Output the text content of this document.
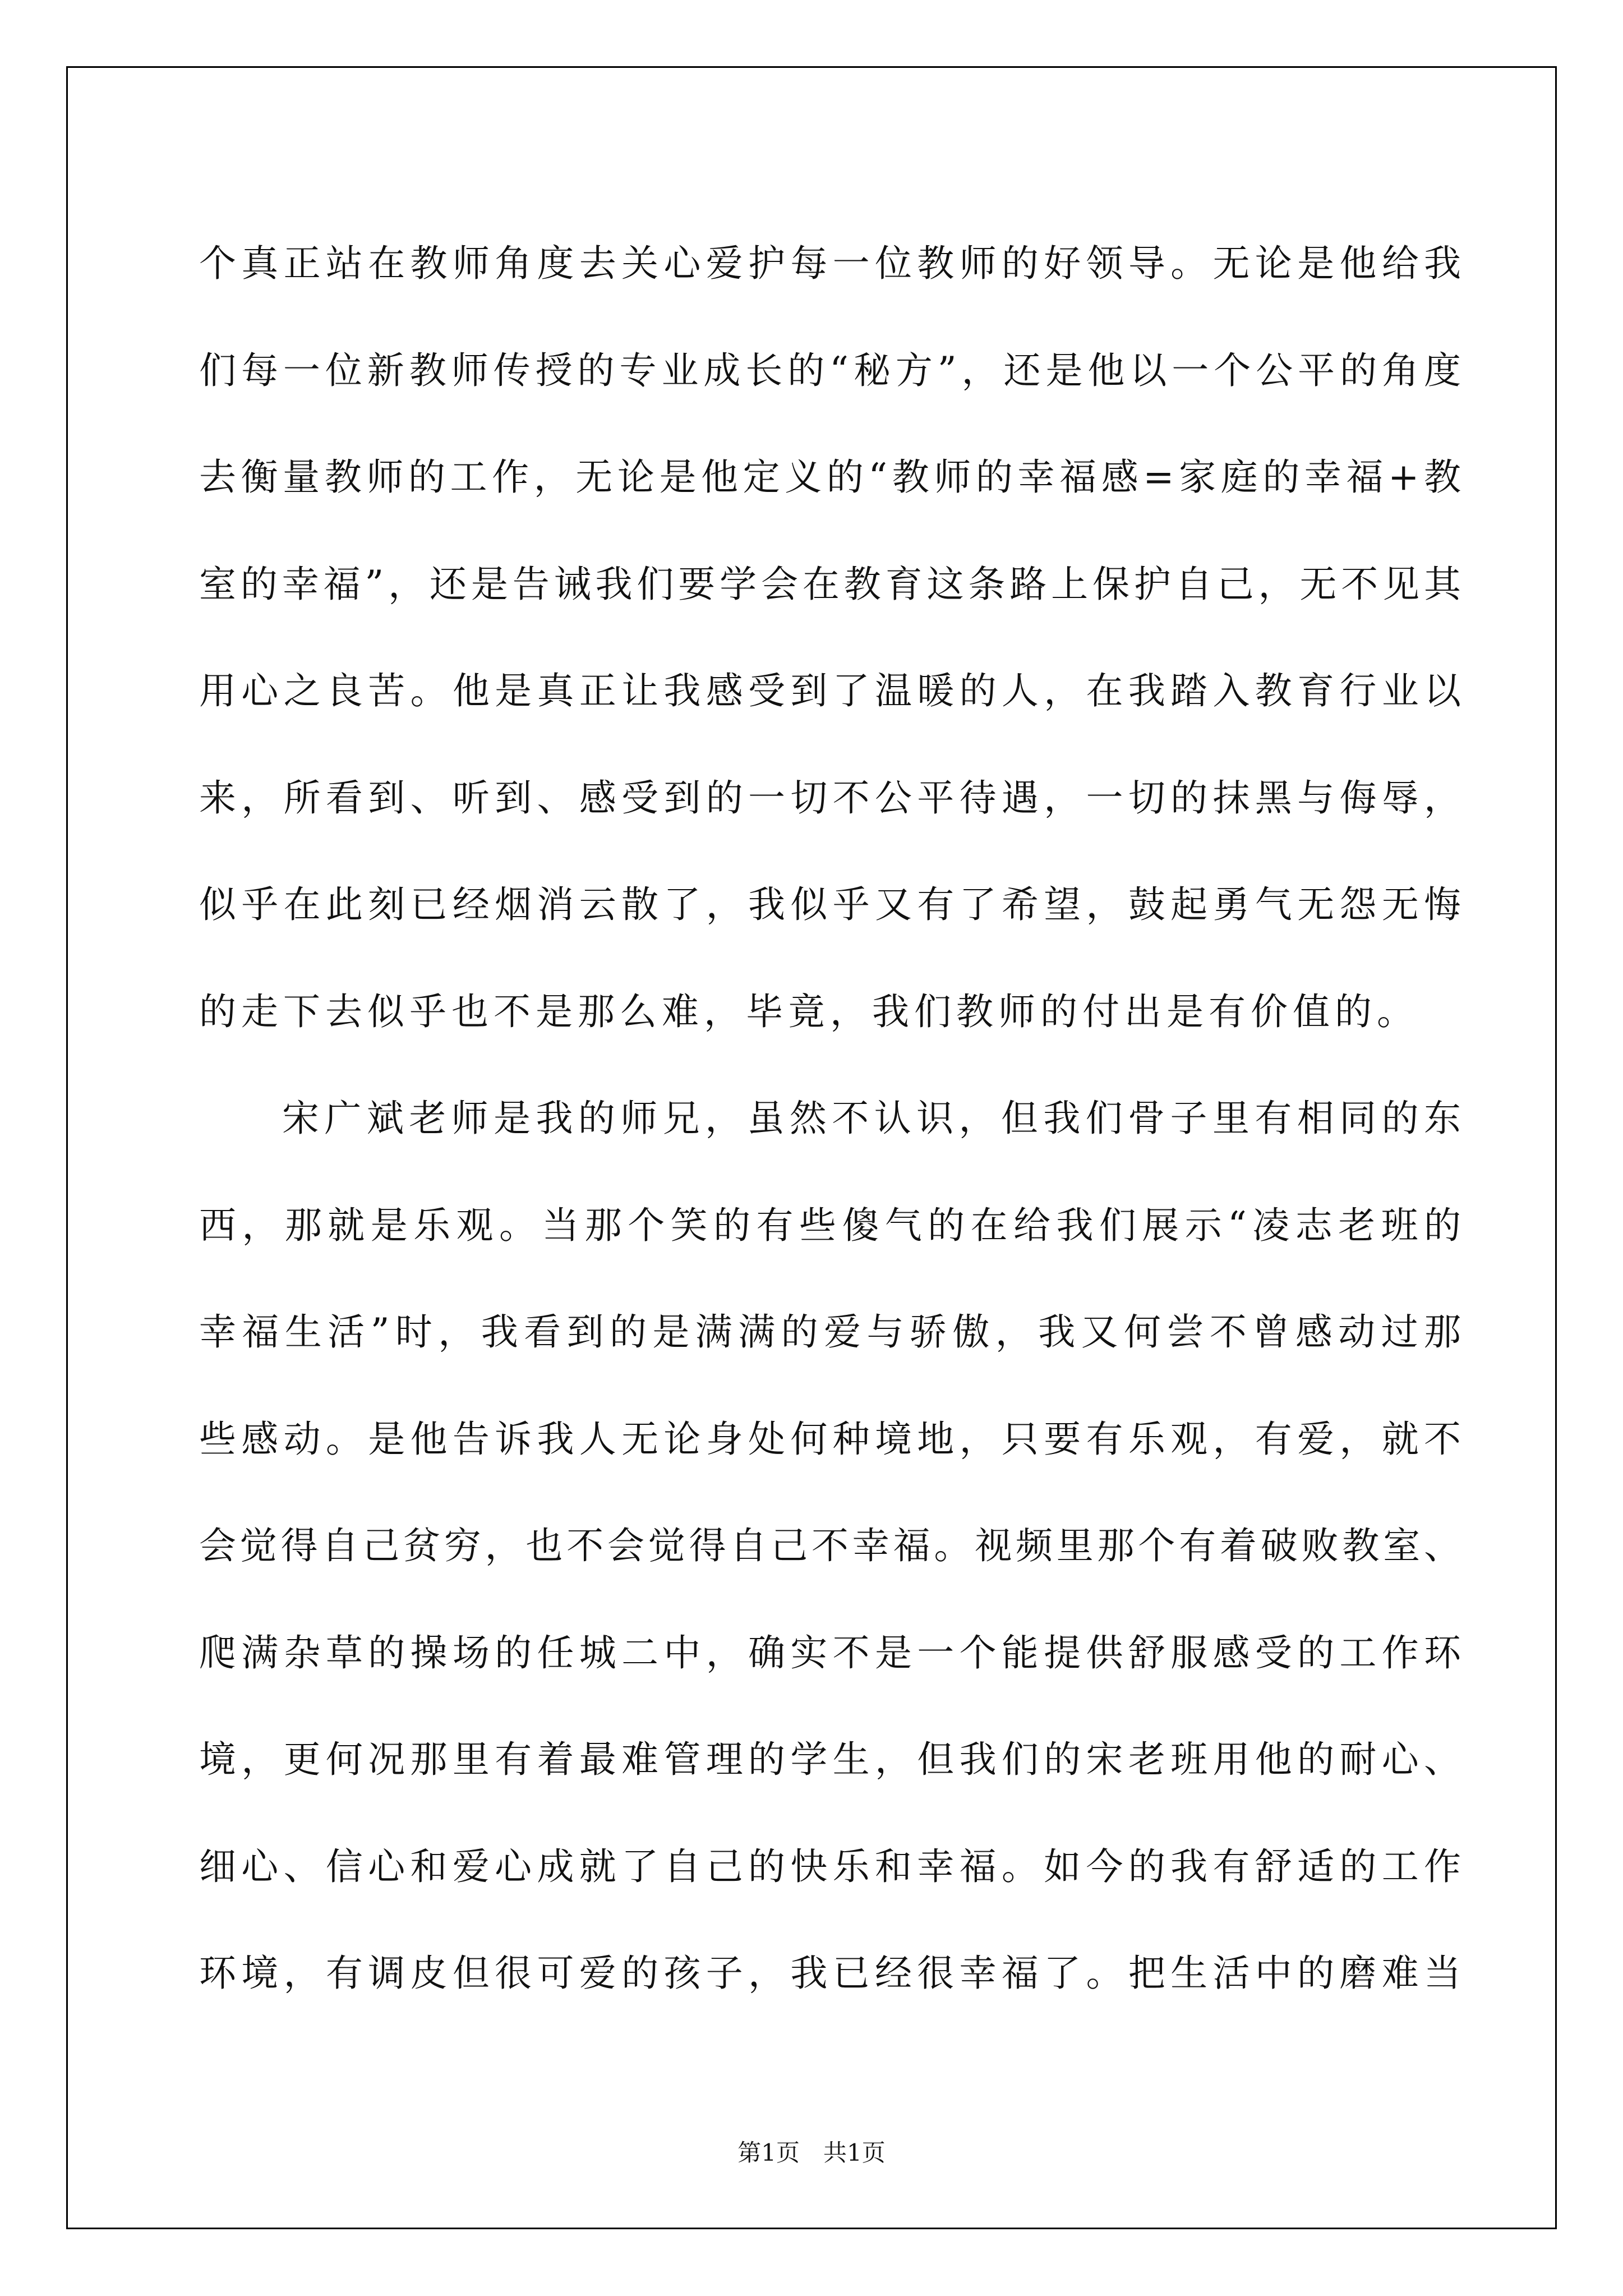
个真正站在教师角度去关心爱护每一位教师的好领导。无论是他给我
们每一位新教师传授的专业成长的“秘方”，还是他以一个公平的角度
去衡量教师的工作，无论是他定义的“教师的幸福感=家庭的幸福+教
室的幸福”，还是告诫我们要学会在教育这条路上保护自己，无不见其
用心之良苦。他是真正让我感受到了温暖的人，在我踏入教育行业以
来，所看到、听到、感受到的一切不公平待遇，一切的抹黑与侮辱，
似乎在此刻已经烟消云散了，我似乎又有了希望，鼓起勇气无怨无悔
的走下去似乎也不是那么难，毕竟，我们教师的付出是有价值的。
宋广斌老师是我的师兄，虽然不认识，但我们骨子里有相同的东
西，那就是乐观。当那个笑的有些傻气的在给我们展示“凌志老班的
幸福生活”时，我看到的是满满的爱与骄傲，我又何尝不曾感动过那
些感动。是他告诉我人无论身处何种境地，只要有乐观，有爱，就不
会觉得自己贫穷，也不会觉得自己不幸福。视频里那个有着破败教室、
爬满杂草的操场的任城二中，确实不是一个能提供舒服感受的工作环
境，更何况那里有着最难管理的学生，但我们的宋老班用他的耐心、
细心、信心和爱心成就了自己的快乐和幸福。如今的我有舒适的工作
环境，有调皮但很可爱的孩子，我已经很幸福了。把生活中的磨难当
第1页　共1页
